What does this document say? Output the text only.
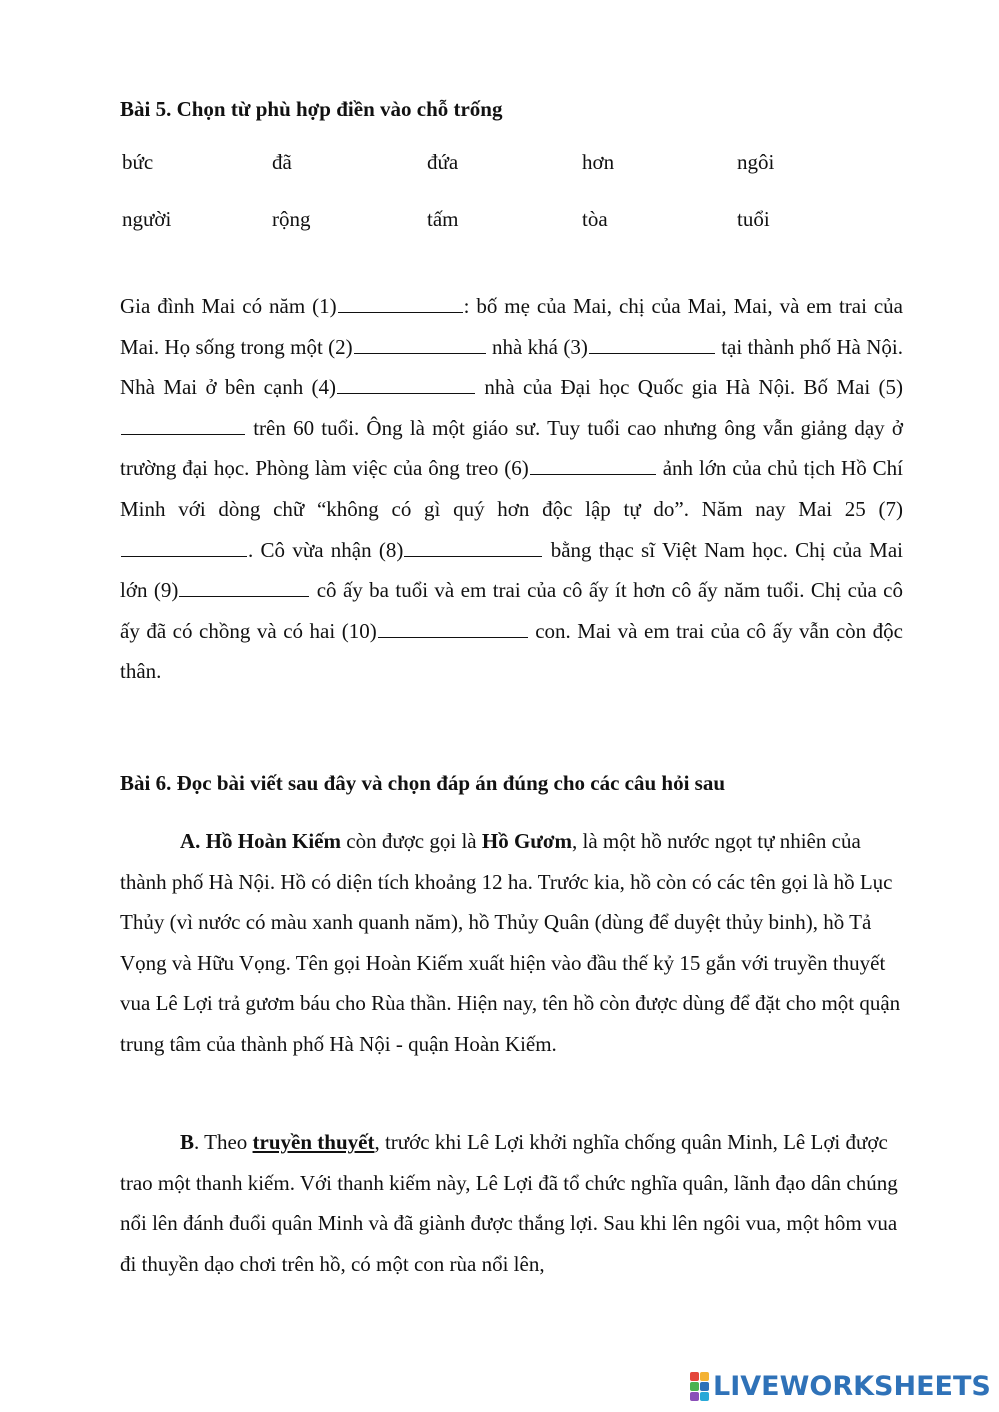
Bài 5. Chọn từ phù hợp điền vào chỗ trống
bức	đã	đứa	hơn	ngôi
người	rộng	tấm	tòa	tuổi
Gia đình Mai có năm (1)	: bố mẹ của Mai, chị của Mai, Mai, và em trai của Mai. Họ sống trong một (2)	nhà khá (3)	tại thành phố Hà Nội. Nhà Mai ở bên cạnh (4)	nhà của Đại học Quốc gia Hà Nội. Bố Mai (5) trên 60 tuổi. Ông là một giáo sư. Tuy tuổi cao nhưng ông vẫn giảng dạy ở trường đại học. Phòng làm việc của ông treo (6)	ảnh lớn của chủ tịch Hồ Chí Minh với dòng chữ “không có gì quý hơn độc lập tự do”. Năm nay Mai 25 (7). Cô vừa nhận (8)	bằng thạc sĩ Việt Nam học. Chị của Mai lớn (9)	cô ấy ba tuổi và em trai của cô ấy ít hơn cô ấy năm tuổi. Chị của cô ấy đã có chồng và có hai (10)	con. Mai và em trai của cô ấy vẫn còn độc thân.
Bài 6. Đọc bài viết sau đây và chọn đáp án đúng cho các câu hỏi sau
A. Hồ Hoàn Kiếm còn được gọi là Hồ Gươm, là một hồ nước ngọt tự nhiên của thành phố Hà Nội. Hồ có diện tích khoảng 12 ha. Trước kia, hồ còn có các tên gọi là hồ Lục Thủy (vì nước có màu xanh quanh năm), hồ Thủy Quân (dùng để duyệt thủy binh), hồ Tả Vọng và Hữu Vọng. Tên gọi Hoàn Kiếm xuất hiện vào đầu thế kỷ 15 gắn với truyền thuyết vua Lê Lợi trả gươm báu cho Rùa thần. Hiện nay, tên hồ còn được dùng để đặt cho một quận trung tâm của thành phố Hà Nội - quận Hoàn Kiếm.
B. Theo truyền thuyết, trước khi Lê Lợi khởi nghĩa chống quân Minh, Lê Lợi được trao một thanh kiếm. Với thanh kiếm này, Lê Lợi đã tổ chức nghĩa quân, lãnh đạo dân chúng nổi lên đánh đuổi quân Minh và đã giành được thắng lợi. Sau khi lên ngôi vua, một hôm vua đi thuyền dạo chơi trên hồ, có một con rùa nổi lên,
LIVEWORKSHEETS
